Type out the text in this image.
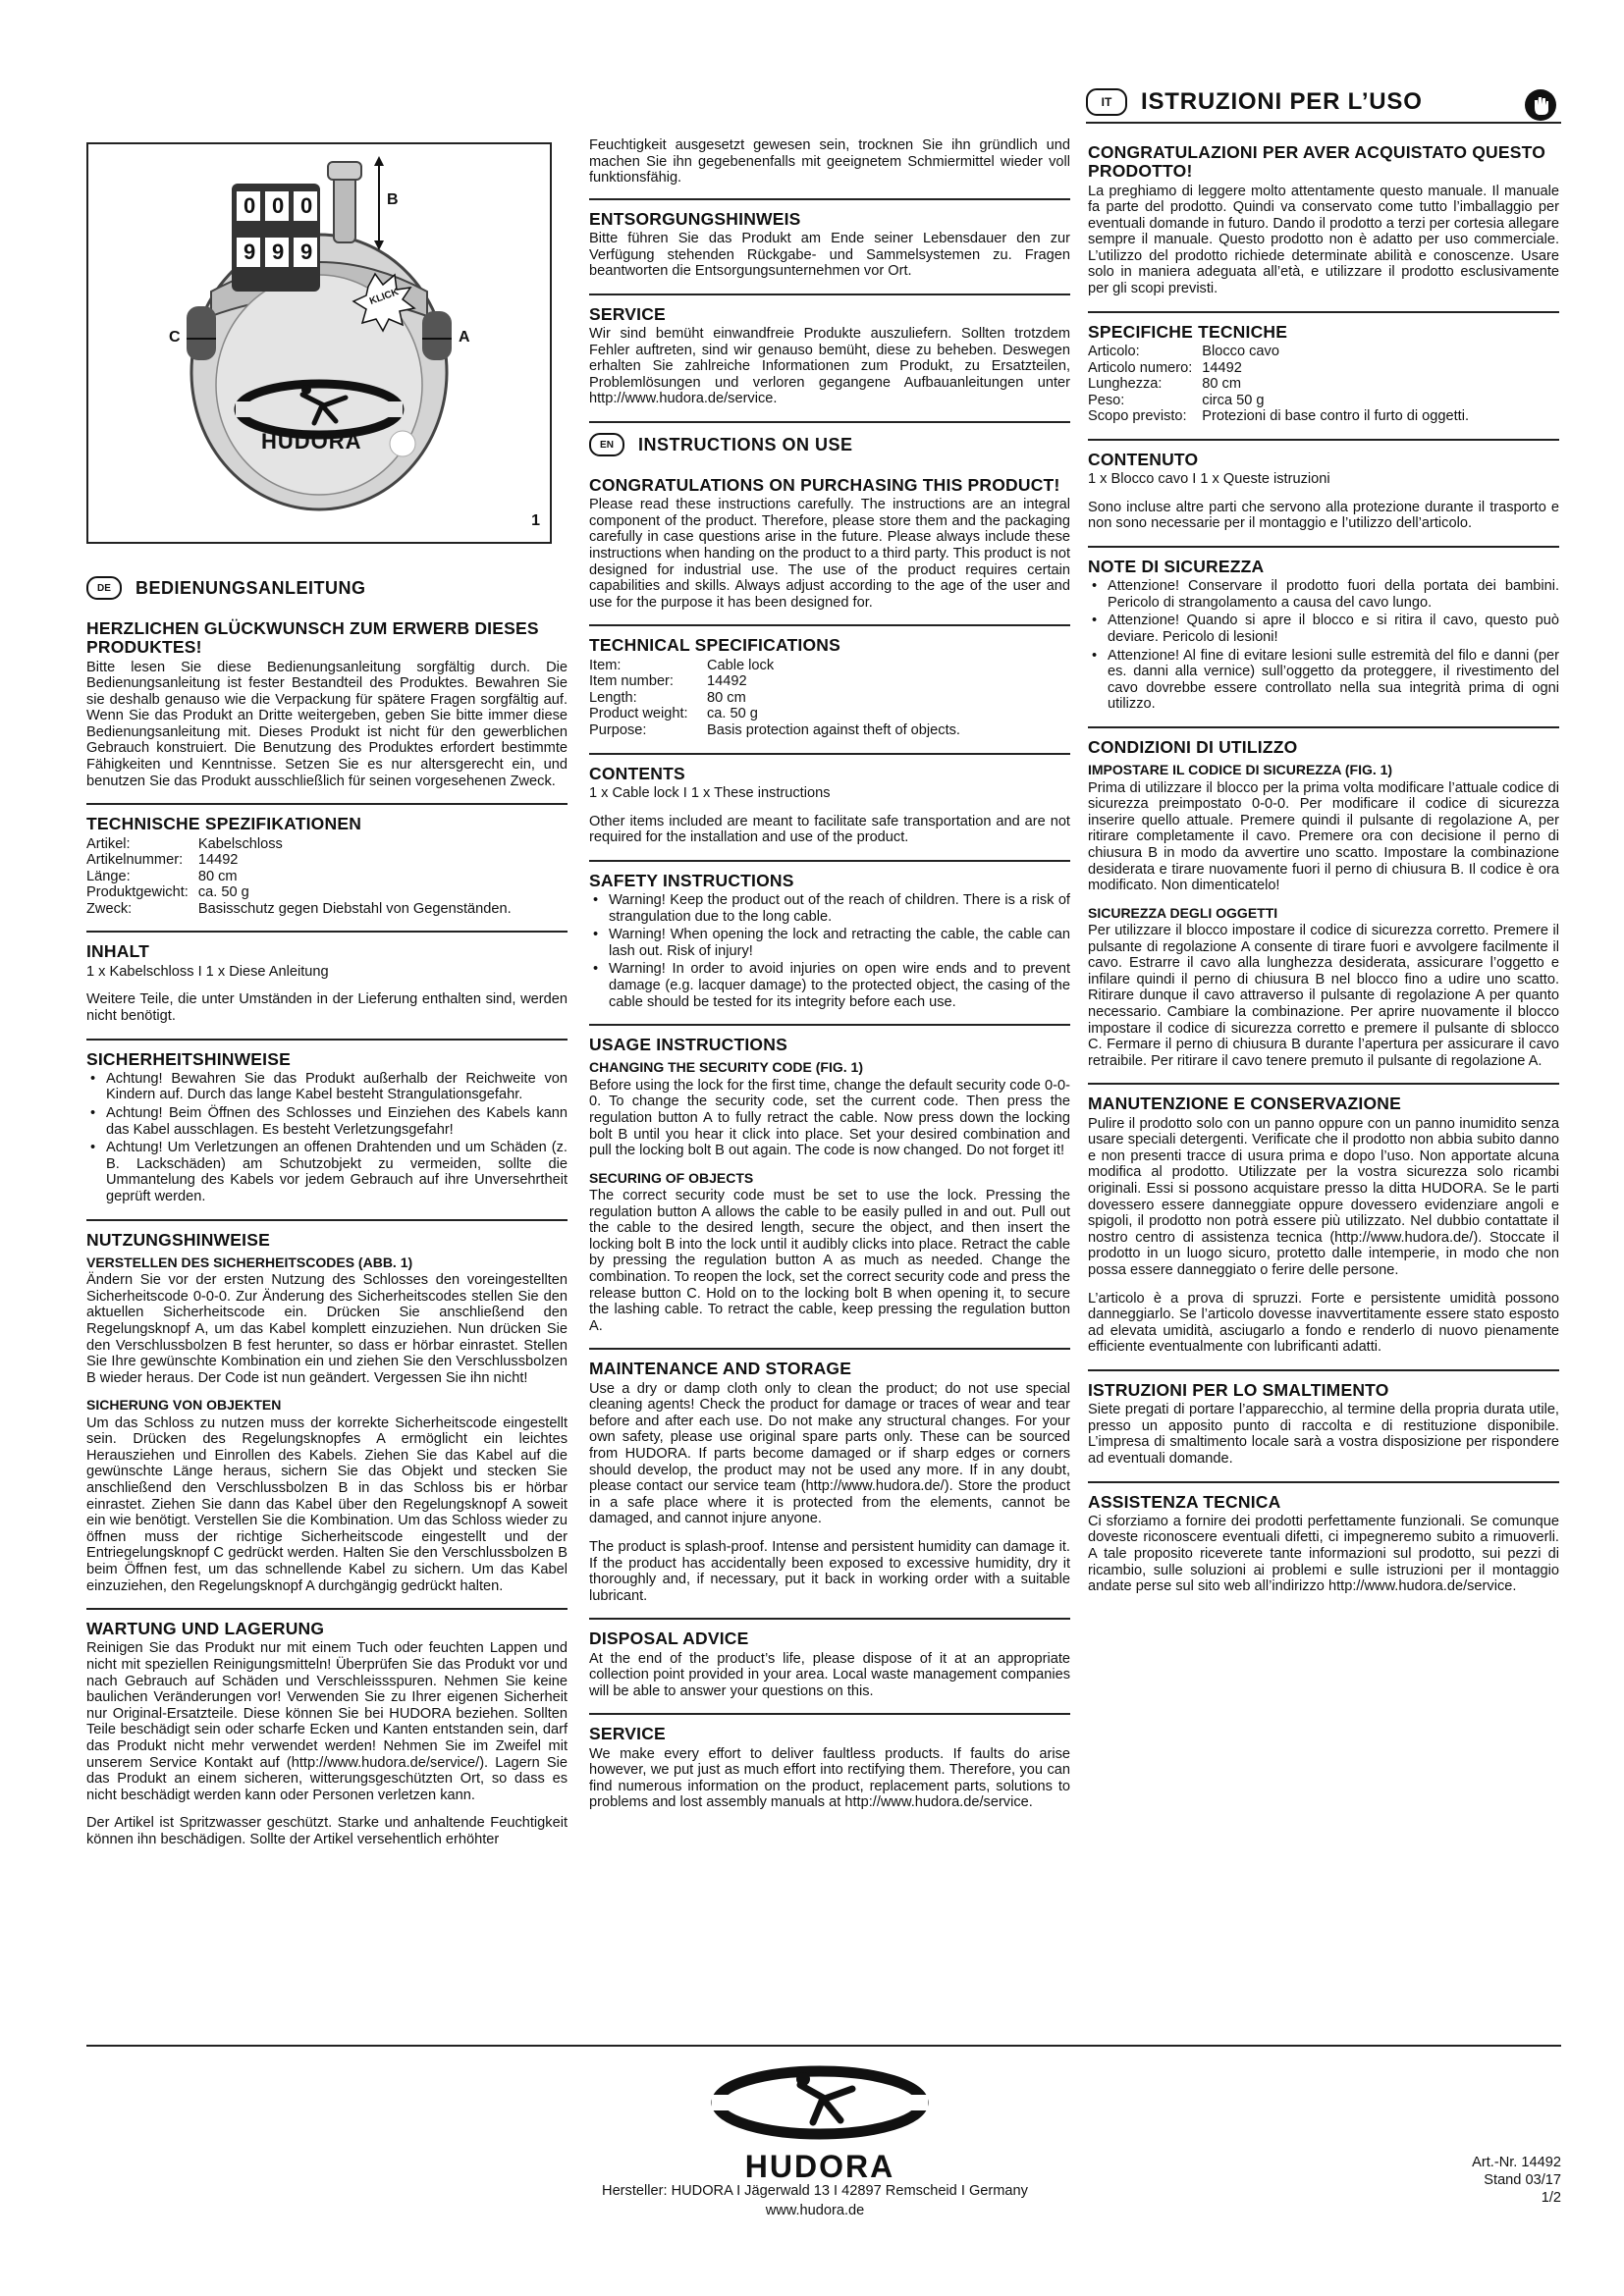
IT	ISTRUZIONI PER L’USO
0 0 0
9 9 9
B
C	A
KLICK
HUDORA
1
DE	BEDIENUNGSANLEITUNG
HERZLICHEN GLÜCKWUNSCH ZUM ERWERB DIESES PRODUKTES!
Bitte lesen Sie diese Bedienungsanleitung sorgfältig durch. Die Bedienungsanleitung ist fester Bestandteil des Produktes. Bewahren Sie sie deshalb genauso wie die Verpackung für spätere Fragen sorgfältig auf. Wenn Sie das Produkt an Dritte weitergeben, geben Sie bitte immer diese Bedienungsanleitung mit. Dieses Produkt ist nicht für den gewerblichen Gebrauch konstruiert. Die Benutzung des Produktes erfordert bestimmte Fähigkeiten und Kenntnisse. Setzen Sie es nur altersgerecht ein, und benutzen Sie das Produkt ausschließlich für seinen vorgesehenen Zweck.
TECHNISCHE SPEZIFIKATIONEN
Artikel:	Kabelschloss
Artikelnummer:	14492
Länge:	80 cm
Produktgewicht:	ca. 50 g
Zweck:	Basisschutz gegen Diebstahl von Gegenständen.
INHALT
1 x Kabelschloss I 1 x Diese Anleitung
Weitere Teile, die unter Umständen in der Lieferung enthalten sind, werden nicht benötigt.
SICHERHEITSHINWEISE
• Achtung! Bewahren Sie das Produkt außerhalb der Reichweite von Kindern auf. Durch das lange Kabel besteht Strangulationsgefahr.
• Achtung! Beim Öffnen des Schlosses und Einziehen des Kabels kann das Kabel ausschlagen. Es besteht Verletzungsgefahr!
• Achtung! Um Verletzungen an offenen Drahtenden und um Schäden (z. B. Lackschäden) am Schutzobjekt zu vermeiden, sollte die Ummantelung des Kabels vor jedem Gebrauch auf ihre Unversehrtheit geprüft werden.
NUTZUNGSHINWEISE
VERSTELLEN DES SICHERHEITSCODES (ABB. 1)
Ändern Sie vor der ersten Nutzung des Schlosses den voreingestellten Sicherheitscode 0-0-0. Zur Änderung des Sicherheitscodes stellen Sie den aktuellen Sicherheitscode ein. Drücken Sie anschließend den Regelungsknopf A, um das Kabel komplett einzuziehen. Nun drücken Sie den Verschlussbolzen B fest herunter, so dass er hörbar einrastet. Stellen Sie Ihre gewünschte Kombination ein und ziehen Sie den Verschlussbolzen B wieder heraus. Der Code ist nun geändert. Vergessen Sie ihn nicht!
SICHERUNG VON OBJEKTEN
Um das Schloss zu nutzen muss der korrekte Sicherheitscode eingestellt sein. Drücken des Regelungsknopfes A ermöglicht ein leichtes Herausziehen und Einrollen des Kabels. Ziehen Sie das Kabel auf die gewünschte Länge heraus, sichern Sie das Objekt und stecken Sie anschließend den Verschlussbolzen B in das Schloss bis er hörbar einrastet. Ziehen Sie dann das Kabel über den Regelungsknopf A soweit ein wie benötigt. Verstellen Sie die Kombination. Um das Schloss wieder zu öffnen muss der richtige Sicherheitscode eingestellt und der Entriegelungsknopf C gedrückt werden. Halten Sie den Verschlussbolzen B beim Öffnen fest, um das schnellende Kabel zu sichern. Um das Kabel einzuziehen, den Regelungsknopf A durchgängig gedrückt halten.
WARTUNG UND LAGERUNG
Reinigen Sie das Produkt nur mit einem Tuch oder feuchten Lappen und nicht mit speziellen Reinigungsmitteln! Überprüfen Sie das Produkt vor und nach Gebrauch auf Schäden und Verschleissspuren. Nehmen Sie keine baulichen Veränderungen vor! Verwenden Sie zu Ihrer eigenen Sicherheit nur Original-Ersatzteile. Diese können Sie bei HUDORA beziehen. Sollten Teile beschädigt sein oder scharfe Ecken und Kanten entstanden sein, darf das Produkt nicht mehr verwendet werden! Nehmen Sie im Zweifel mit unserem Service Kontakt auf (http://www.hudora.de/service/). Lagern Sie das Produkt an einem sicheren, witterungsgeschützten Ort, so dass es nicht beschädigt werden kann oder Personen verletzen kann.
Der Artikel ist Spritzwasser geschützt. Starke und anhaltende Feuchtigkeit können ihn beschädigen. Sollte der Artikel versehentlich erhöhter
Feuchtigkeit ausgesetzt gewesen sein, trocknen Sie ihn gründlich und machen Sie ihn gegebenenfalls mit geeignetem Schmiermittel wieder voll funktionsfähig.
ENTSORGUNGSHINWEIS
Bitte führen Sie das Produkt am Ende seiner Lebensdauer den zur Verfügung stehenden Rückgabe- und Sammelsystemen zu. Fragen beantworten die Entsorgungsunternehmen vor Ort.
SERVICE
Wir sind bemüht einwandfreie Produkte auszuliefern. Sollten trotzdem Fehler auftreten, sind wir genauso bemüht, diese zu beheben. Deswegen erhalten Sie zahlreiche Informationen zum Produkt, zu Ersatzteilen, Problemlösungen und verloren gegangene Aufbauanleitungen unter http://www.hudora.de/service.
EN	INSTRUCTIONS ON USE
CONGRATULATIONS ON PURCHASING THIS PRODUCT!
Please read these instructions carefully. The instructions are an integral component of the product. Therefore, please store them and the packaging carefully in case questions arise in the future. Please always include these instructions when handing on the product to a third party. This product is not designed for industrial use. The use of the product requires certain capabilities and skills. Always adjust according to the age of the user and use for the purpose it has been designed for.
TECHNICAL SPECIFICATIONS
Item:	Cable lock
Item number:	14492
Length:	80 cm
Product weight:	ca. 50 g
Purpose:	Basis protection against theft of objects.
CONTENTS
1 x Cable lock I 1 x These instructions
Other items included are meant to facilitate safe transportation and are not required for the installation and use of the product.
SAFETY INSTRUCTIONS
• Warning! Keep the product out of the reach of children. There is a risk of strangulation due to the long cable.
• Warning! When opening the lock and retracting the cable, the cable can lash out. Risk of injury!
• Warning! In order to avoid injuries on open wire ends and to prevent damage (e.g. lacquer damage) to the protected object, the casing of the cable should be tested for its integrity before each use.
USAGE INSTRUCTIONS
CHANGING THE SECURITY CODE (FIG. 1)
Before using the lock for the first time, change the default security code 0-0-0. To change the security code, set the current code. Then press the regulation button A to fully retract the cable. Now press down the locking bolt B until you hear it click into place. Set your desired combination and pull the locking bolt B out again. The code is now changed. Do not forget it!
SECURING OF OBJECTS
The correct security code must be set to use the lock. Pressing the regulation button A allows the cable to be easily pulled in and out. Pull out the cable to the desired length, secure the object, and then insert the locking bolt B into the lock until it audibly clicks into place. Retract the cable by pressing the regulation button A as much as needed. Change the combination. To reopen the lock, set the correct security code and press the release button C. Hold on to the locking bolt B when opening it, to secure the lashing cable. To retract the cable, keep pressing the regulation button A.
MAINTENANCE AND STORAGE
Use a dry or damp cloth only to clean the product; do not use special cleaning agents! Check the product for damage or traces of wear and tear before and after each use. Do not make any structural changes. For your own safety, please use original spare parts only. These can be sourced from HUDORA. If parts become damaged or if sharp edges or corners should develop, the product may not be used any more. If in any doubt, please contact our service team (http://www.hudora.de/). Store the product in a safe place where it is protected from the elements, cannot be damaged, and cannot injure anyone.
The product is splash-proof. Intense and persistent humidity can damage it. If the product has accidentally been exposed to excessive humidity, dry it thoroughly and, if necessary, put it back in working order with a suitable lubricant.
DISPOSAL ADVICE
At the end of the product’s life, please dispose of it at an appropriate collection point provided in your area. Local waste management companies will be able to answer your questions on this.
SERVICE
We make every effort to deliver faultless products. If faults do arise however, we put just as much effort into rectifying them. Therefore, you can find numerous information on the product, replacement parts, solutions to problems and lost assembly manuals at http://www.hudora.de/service.
CONGRATULAZIONI PER AVER ACQUISTATO QUESTO PRODOTTO!
La preghiamo di leggere molto attentamente questo manuale. Il manuale fa parte del prodotto. Quindi va conservato come tutto l’imballaggio per eventuali domande in futuro. Dando il prodotto a terzi per cortesia allegare sempre il manuale. Questo prodotto non è adatto per uso commerciale. L’utilizzo del prodotto richiede determinate abilità e conoscenze. Usare solo in maniera adeguata all’età, e utilizzare il prodotto esclusivamente per gli scopi previsti.
SPECIFICHE TECNICHE
Articolo:	Blocco cavo
Articolo numero:	14492
Lunghezza:	80 cm
Peso:	circa 50 g
Scopo previsto:	Protezioni di base contro il furto di oggetti.
CONTENUTO
1 x Blocco cavo I 1 x Queste istruzioni
Sono incluse altre parti che servono alla protezione durante il trasporto e non sono necessarie per il montaggio e l’utilizzo dell’articolo.
NOTE DI SICUREZZA
• Attenzione! Conservare il prodotto fuori della portata dei bambini. Pericolo di strangolamento a causa del cavo lungo.
• Attenzione! Quando si apre il blocco e si ritira il cavo, questo può deviare. Pericolo di lesioni!
• Attenzione! Al fine di evitare lesioni sulle estremità del filo e danni (per es. danni alla vernice) sull’oggetto da proteggere, il rivestimento del cavo dovrebbe essere controllato nella sua integrità prima di ogni utilizzo.
CONDIZIONI DI UTILIZZO
IMPOSTARE IL CODICE DI SICUREZZA (FIG. 1)
Prima di utilizzare il blocco per la prima volta modificare l’attuale codice di sicurezza preimpostato 0-0-0. Per modificare il codice di sicurezza inserire quello attuale. Premere quindi il pulsante di regolazione A, per ritirare completamente il cavo. Premere ora con decisione il perno di chiusura B in modo da avvertire uno scatto. Impostare la combinazione desiderata e tirare nuovamente fuori il perno di chiusura B. Il codice è ora modificato. Non dimenticatelo!
SICUREZZA DEGLI OGGETTI
Per utilizzare il blocco impostare il codice di sicurezza corretto. Premere il pulsante di regolazione A consente di tirare fuori e avvolgere facilmente il cavo. Estrarre il cavo alla lunghezza desiderata, assicurare l’oggetto e infilare quindi il perno di chiusura B nel blocco fino a udire uno scatto. Ritirare dunque il cavo attraverso il pulsante di regolazione A per quanto necessario. Cambiare la combinazione. Per aprire nuovamente il blocco impostare il codice di sicurezza corretto e premere il pulsante di sblocco C. Fermare il perno di chiusura B durante l’apertura per assicurare il cavo retraibile. Per ritirare il cavo tenere premuto il pulsante di regolazione A.
MANUTENZIONE E CONSERVAZIONE
Pulire il prodotto solo con un panno oppure con un panno inumidito senza usare speciali detergenti. Verificate che il prodotto non abbia subito danno e non presenti tracce di usura prima e dopo l’uso. Non apportate alcuna modifica al prodotto. Utilizzate per la vostra sicurezza solo ricambi originali. Essi si possono acquistare presso la ditta HUDORA. Se le parti dovessero essere danneggiate oppure dovessero evidenziare angoli e spigoli, il prodotto non potrà essere più utilizzato. Nel dubbio contattate il nostro centro di assistenza tecnica (http://www.hudora.de/). Stoccate il prodotto in un luogo sicuro, protetto dalle intemperie, in modo che non possa essere danneggiato o ferire delle persone.
L’articolo è a prova di spruzzi. Forte e persistente umidità possono danneggiarlo. Se l’articolo dovesse inavvertitamente essere stato esposto ad elevata umidità, asciugarlo a fondo e renderlo di nuovo pienamente efficiente eventualmente con lubrificanti adatti.
ISTRUZIONI PER LO SMALTIMENTO
Siete pregati di portare l’apparecchio, al termine della propria durata utile, presso un apposito punto di raccolta e di restituzione disponibile. L’impresa di smaltimento locale sarà a vostra disposizione per rispondere ad eventuali domande.
ASSISTENZA TECNICA
Ci sforziamo a fornire dei prodotti perfettamente funzionali. Se comunque doveste riconoscere eventuali difetti, ci impegneremo subito a rimuoverli. A tale proposito riceverete tante informazioni sul prodotto, sui pezzi di ricambio, sulle soluzioni ai problemi e sulle istruzioni per il montaggio andate perse sul sito web all’indirizzo http://www.hudora.de/service.
HUDORA
Hersteller: HUDORA I Jägerwald 13 I 42897 Remscheid I Germany
www.hudora.de
Art.-Nr. 14492
Stand 03/17
1/2
